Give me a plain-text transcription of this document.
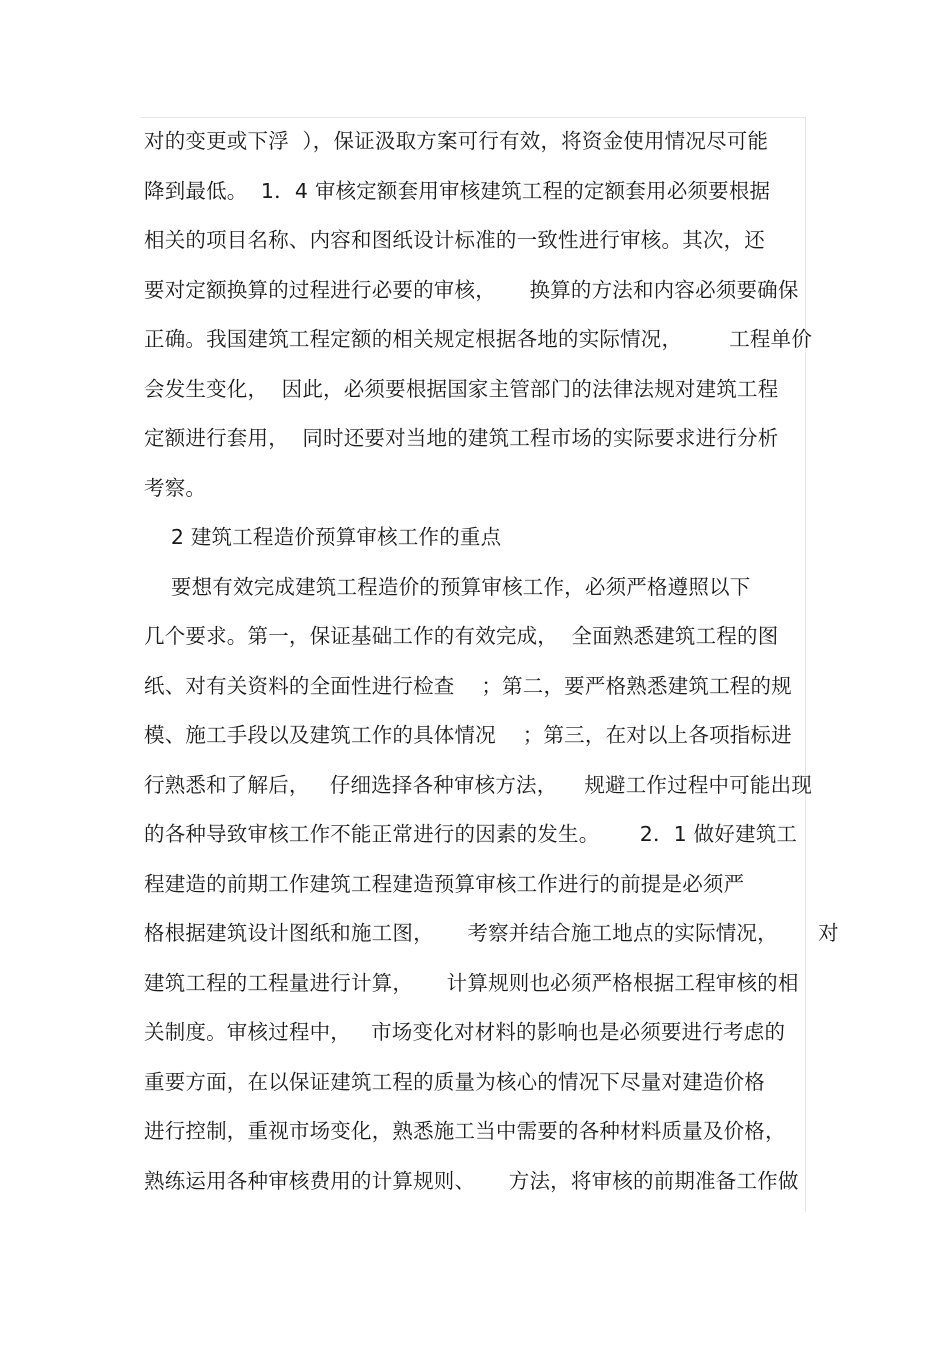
对的变更或下浮  ），保证汲取方案可行有效，将资金使用情况尽可能
降到最低。  1．4 审核定额套用审核建筑工程的定额套用必须要根据
相关的项目名称、内容和图纸设计标准的一致性进行审核。其次，还
要对定额换算的过程进行必要的审核，     换算的方法和内容必须要确保
正确。我国建筑工程定额的相关规定根据各地的实际情况，       工程单价
会发生变化，  因此，必须要根据国家主管部门的法律法规对建筑工程
定额进行套用，  同时还要对当地的建筑工程市场的实际要求进行分析
考察。
2 建筑工程造价预算审核工作的重点
要想有效完成建筑工程造价的预算审核工作，必须严格遵照以下
几个要求。第一，保证基础工作的有效完成，  全面熟悉建筑工程的图
纸、对有关资料的全面性进行检查    ；第二，要严格熟悉建筑工程的规
模、施工手段以及建筑工作的具体情况    ；第三，在对以上各项指标进
行熟悉和了解后，   仔细选择各种审核方法，    规避工作过程中可能出现
的各种导致审核工作不能正常进行的因素的发生。      2．1 做好建筑工
程建造的前期工作建筑工程建造预算审核工作进行的前提是必须严
格根据建筑设计图纸和施工图，     考察并结合施工地点的实际情况，      对
建筑工程的工程量进行计算，     计算规则也必须严格根据工程审核的相
关制度。审核过程中，   市场变化对材料的影响也是必须要进行考虑的
重要方面，在以保证建筑工程的质量为核心的情况下尽量对建造价格
进行控制，重视市场变化，熟悉施工当中需要的各种材料质量及价格，
熟练运用各种审核费用的计算规则、     方法，将审核的前期准备工作做
